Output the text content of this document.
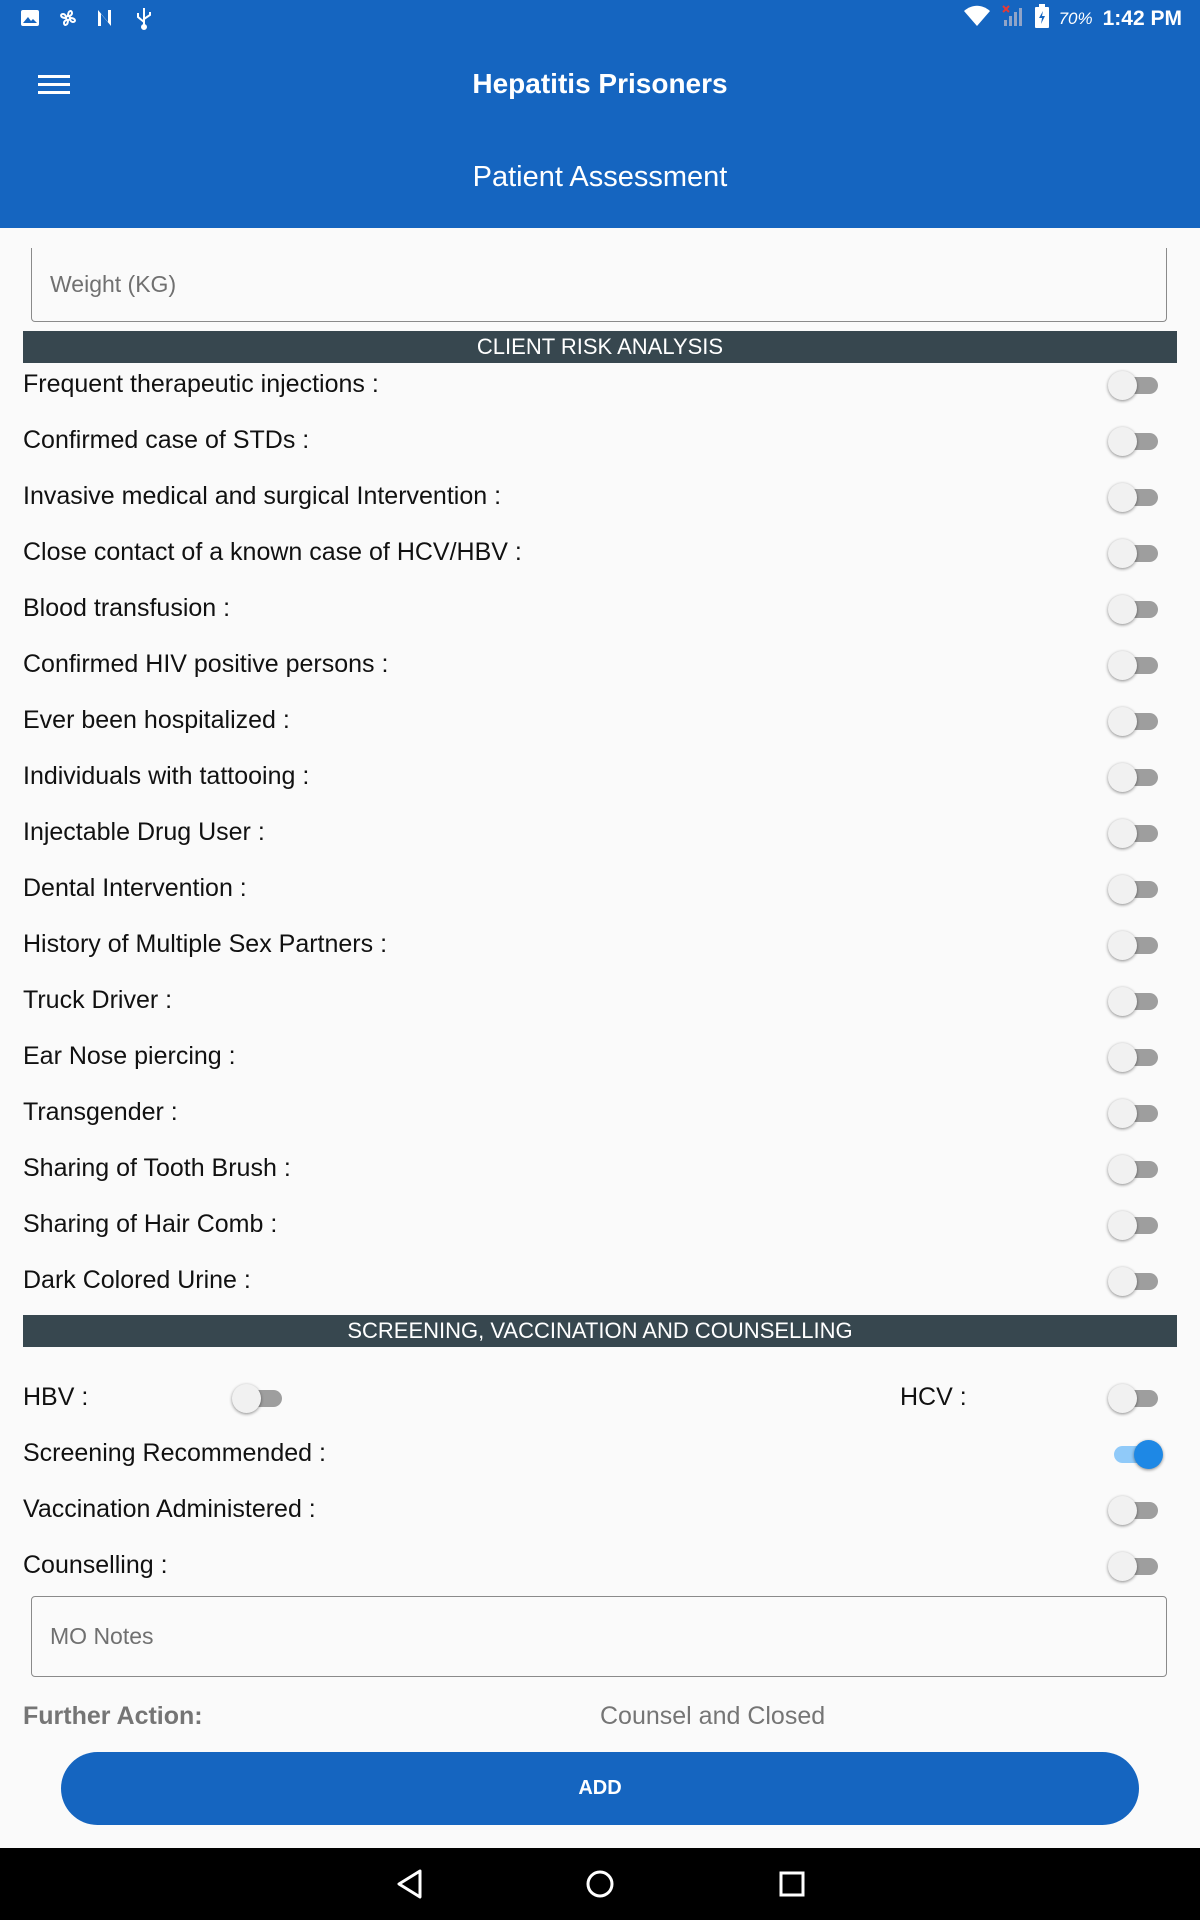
70% 1:42 PM
Hepatitis Prisoners
Patient Assessment
Weight (KG)
CLIENT RISK ANALYSIS
Frequent therapeutic injections :
Confirmed case of STDs :
Invasive medical and surgical Intervention :
Close contact of a known case of HCV/HBV :
Blood transfusion :
Confirmed HIV positive persons :
Ever been hospitalized :
Individuals with tattooing :
Injectable Drug User :
Dental Intervention :
History of Multiple Sex Partners :
Truck Driver :
Ear Nose piercing :
Transgender :
Sharing of Tooth Brush :
Sharing of Hair Comb :
Dark Colored Urine :
SCREENING, VACCINATION AND COUNSELLING
HBV :	HCV :
Screening Recommended :
Vaccination Administered :
Counselling :
MO Notes
Further Action:	Counsel and Closed
ADD
